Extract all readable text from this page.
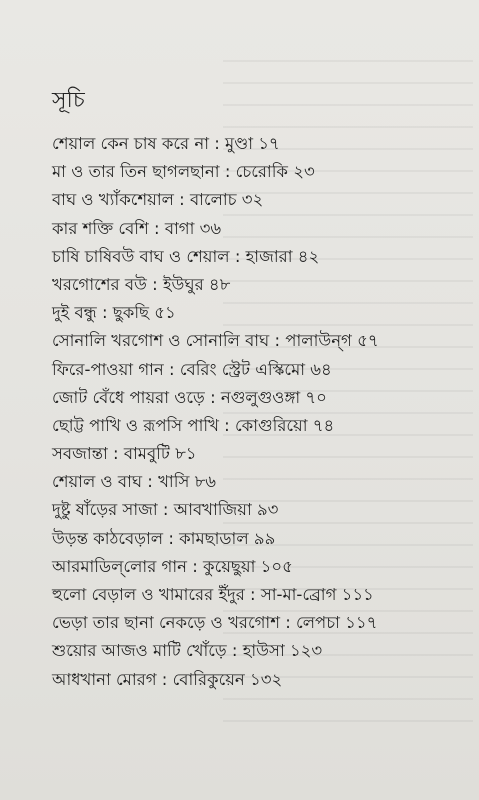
সূচি
শেয়াল কেন চাষ করে না : মুণ্ডা ১৭
মা ও তার তিন ছাগলছানা : চেরোকি ২৩
বাঘ ও খ্যাঁকশেয়াল : বালোচ ৩২
কার শক্তি বেশি : বাগা ৩৬
চাষি চাষিবউ বাঘ ও শেয়াল : হাজারা ৪২
খরগোশের বউ : ইউঘুর ৪৮
দুই বন্ধু : ছুকছি ৫১
সোনালি খরগোশ ও সোনালি বাঘ : পালাউন্‌গ ৫৭
ফিরে-পাওয়া গান : বেরিং স্ট্রেট এস্কিমো ৬৪
জোট বেঁধে পায়রা ওড়ে : নগুলুগুওঙ্গা ৭০
ছোট্ট পাখি ও রূপসি পাখি : কোগুরিয়ো ৭৪
সবজান্তা : বামবুটি ৮১
শেয়াল ও বাঘ : খাসি ৮৬
দুষ্টু ষাঁড়ের সাজা : আবখাজিয়া ৯৩
উড়ন্ত কাঠবেড়াল : কামছাডাল ৯৯
আরমাডিল্‌লোর গান : কুয়েছুয়া ১০৫
হুলো বেড়াল ও খামারের ইঁদুর : সা-মা-ব্রোগ ১১১
ভেড়া তার ছানা নেকড়ে ও খরগোশ : লেপচা ১১৭
শুয়োর আজও মাটি খোঁড়ে : হাউসা ১২৩
আধখানা মোরগ : বোরিকুয়েন ১৩২
